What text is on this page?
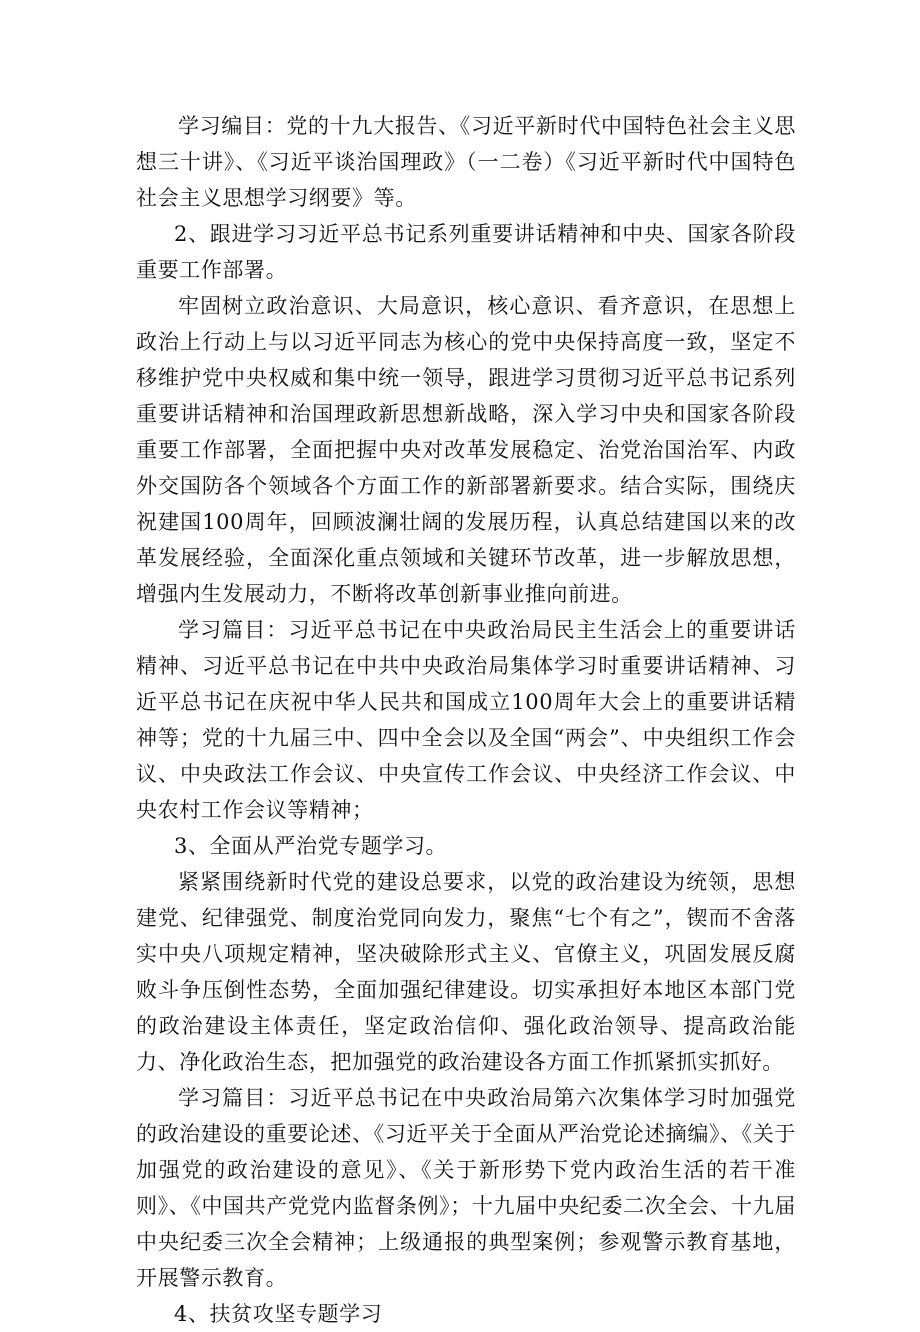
学习编目：党的十九大报告、《习近平新时代中国特色社会主义思想三十讲》、《习近平谈治国理政》（一二卷）《习近平新时代中国特色社会主义思想学习纲要》等。

2、跟进学习习近平总书记系列重要讲话精神和中央、国家各阶段重要工作部署。

牢固树立政治意识、大局意识，核心意识、看齐意识，在思想上政治上行动上与以习近平同志为核心的党中央保持高度一致，坚定不移维护党中央权威和集中统一领导，跟进学习贯彻习近平总书记系列重要讲话精神和治国理政新思想新战略，深入学习中央和国家各阶段重要工作部署，全面把握中央对改革发展稳定、治党治国治军、内政外交国防各个领域各个方面工作的新部署新要求。结合实际，围绕庆祝建国100周年，回顾波澜壮阔的发展历程，认真总结建国以来的改革发展经验，全面深化重点领域和关键环节改革，进一步解放思想，增强内生发展动力，不断将改革创新事业推向前进。

学习篇目：习近平总书记在中央政治局民主生活会上的重要讲话精神、习近平总书记在中共中央政治局集体学习时重要讲话精神、习近平总书记在庆祝中华人民共和国成立100周年大会上的重要讲话精神等；党的十九届三中、四中全会以及全国“两会”、中央组织工作会议、中央政法工作会议、中央宣传工作会议、中央经济工作会议、中央农村工作会议等精神；

3、全面从严治党专题学习。

紧紧围绕新时代党的建设总要求，以党的政治建设为统领，思想建党、纪律强党、制度治党同向发力，聚焦“七个有之”，锲而不舍落实中央八项规定精神，坚决破除形式主义、官僚主义，巩固发展反腐败斗争压倒性态势，全面加强纪律建设。切实承担好本地区本部门党的政治建设主体责任，坚定政治信仰、强化政治领导、提高政治能力、净化政治生态，把加强党的政治建设各方面工作抓紧抓实抓好。

学习篇目：习近平总书记在中央政治局第六次集体学习时加强党的政治建设的重要论述、《习近平关于全面从严治党论述摘编》、《关于加强党的政治建设的意见》、《关于新形势下党内政治生活的若干准则》、《中国共产党党内监督条例》；十九届中央纪委二次全会、十九届中央纪委三次全会精神；上级通报的典型案例；参观警示教育基地，开展警示教育。

4、扶贫攻坚专题学习
